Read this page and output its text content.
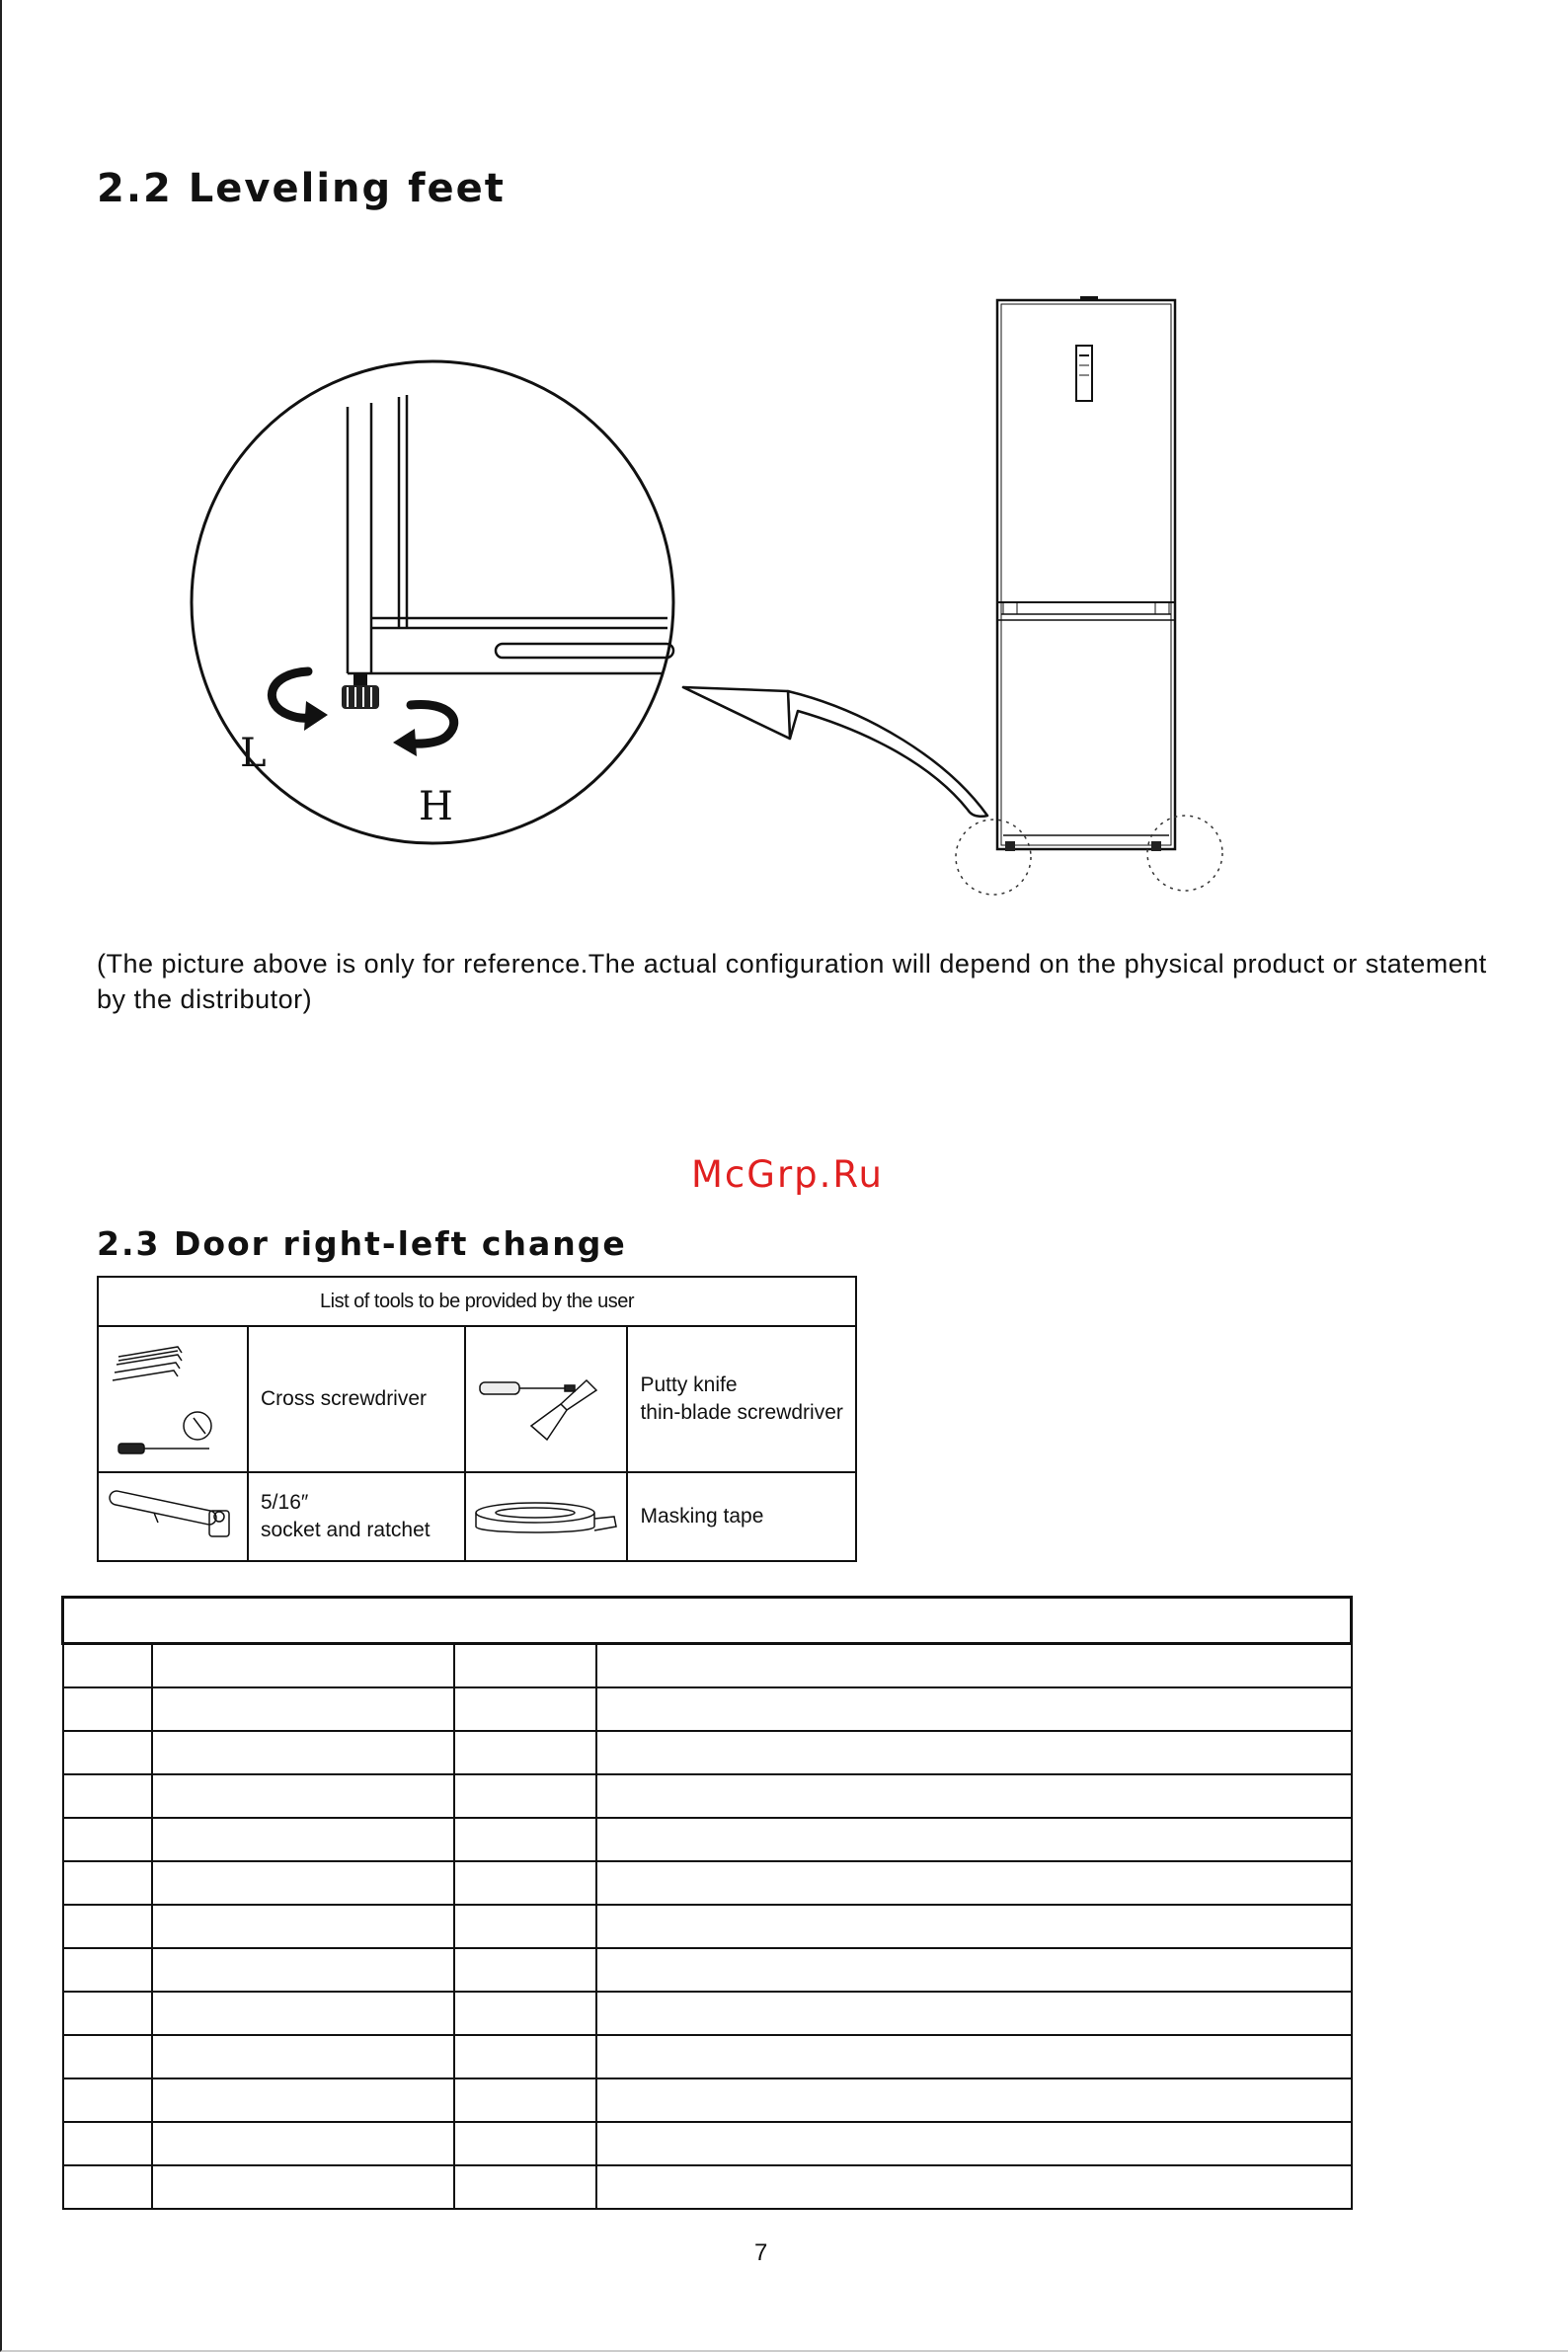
2.2 Leveling feet
L
H
(The picture above is only for reference.The actual configuration will depend on the physical product or statement by the distributor)
McGrp.Ru
2.3 Door right-left change
List of tools to be provided by the user			

	Cross screwdriver		Putty knife
thin-blade screwdriver

5/16″
socket and ratchet		Masking tape

7
